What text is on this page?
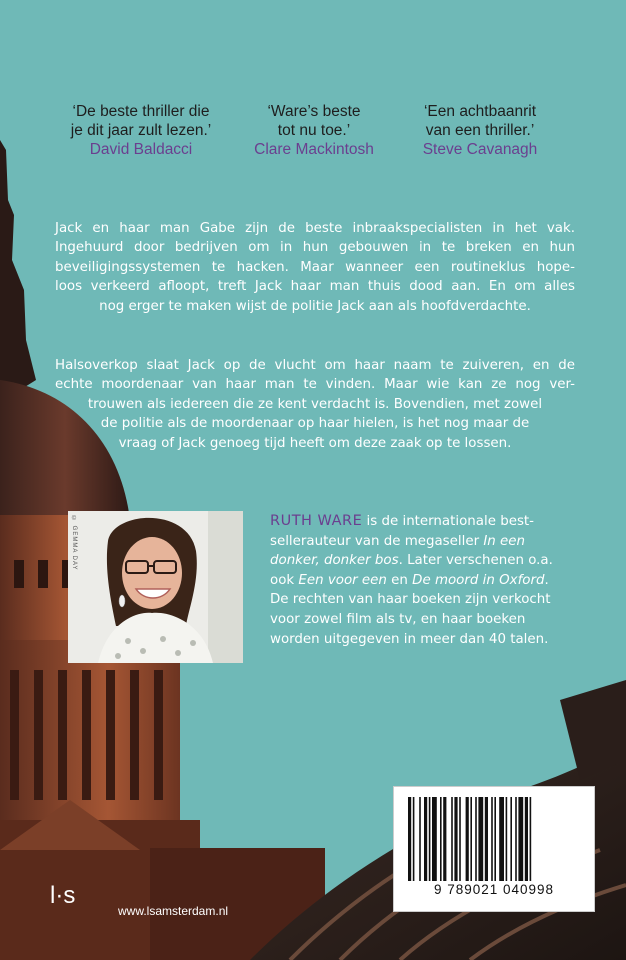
‘De beste thriller die
je dit jaar zult lezen.’
David Baldacci
‘Ware’s beste
tot nu toe.’
Clare Mackintosh
‘Een achtbaanrit
van een thriller.’
Steve Cavanagh
Jack en haar man Gabe zijn de beste inbraakspecialisten in het vak.
Ingehuurd door bedrijven om in hun gebouwen in te breken en hun
beveiligingssystemen te hacken. Maar wanneer een routineklus hope-
loos verkeerd afloopt, treft Jack haar man thuis dood aan. En om alles
nog erger te maken wijst de politie Jack aan als hoofdverdachte.
Halsoverkop slaat Jack op de vlucht om haar naam te zuiveren, en de
echte moordenaar van haar man te vinden. Maar wie kan ze nog ver-
trouwen als iedereen die ze kent verdacht is. Bovendien, met zowel
de politie als de moordenaar op haar hielen, is het nog maar de
vraag of Jack genoeg tijd heeft om deze zaak op te lossen.
© GEMMA DAY	RUTH WARE is de internationale best-
sellerauteur van de megaseller In een
donker, donker bos. Later verschenen o.a.
ook Een voor een en De moord in Oxford.
De rechten van haar boeken zijn verkocht
voor zowel film als tv, en haar boeken
worden uitgegeven in meer dan 40 talen.
9 789021 040998
l·s
www.lsamsterdam.nl
